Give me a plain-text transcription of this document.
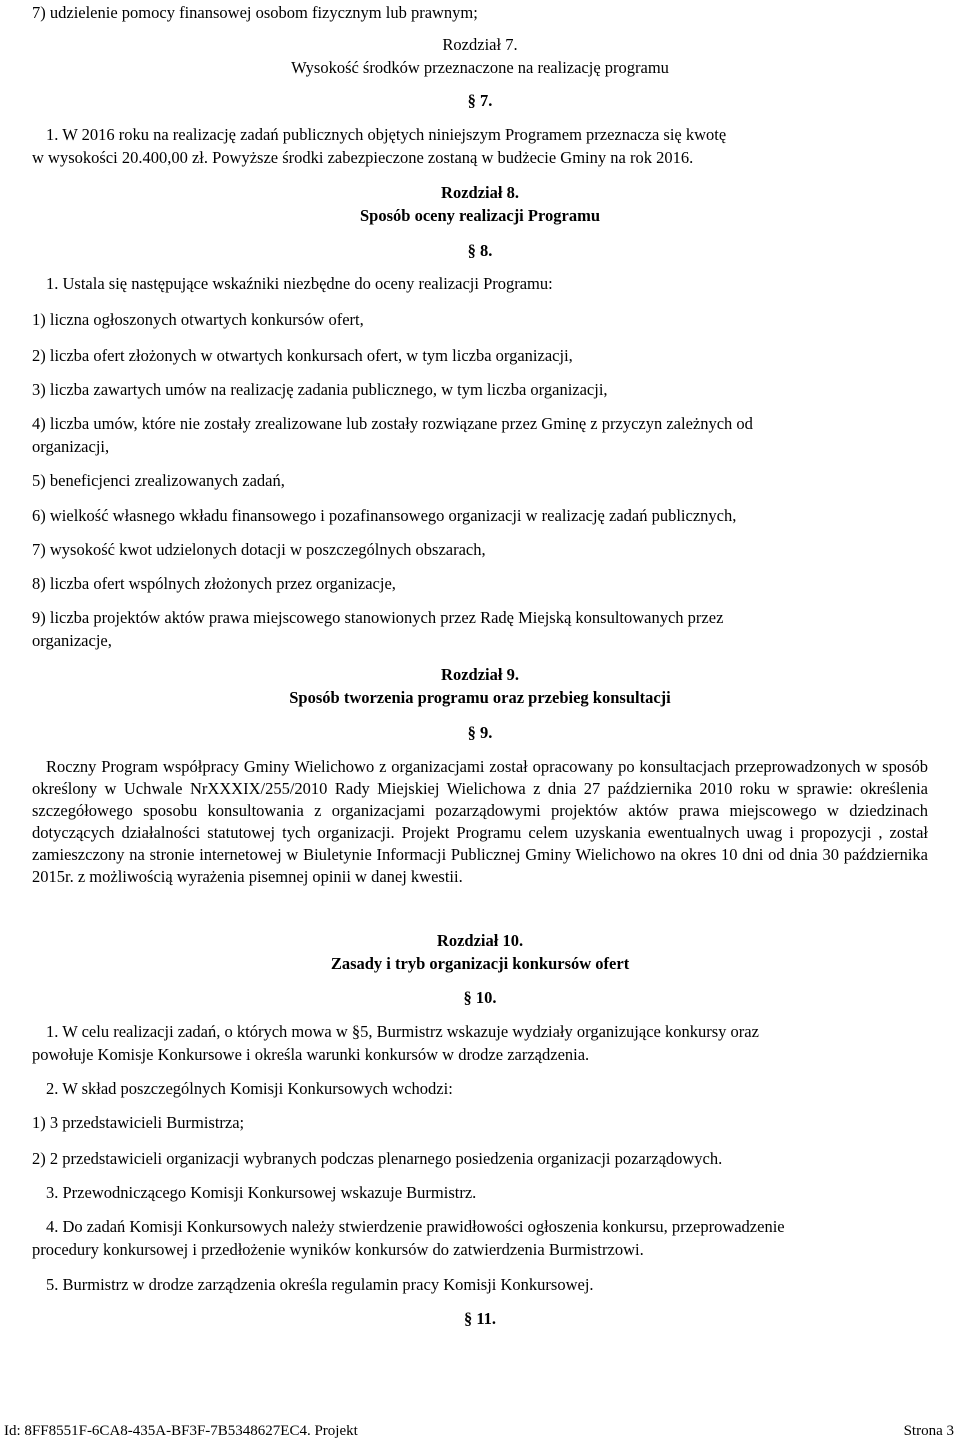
7) udzielenie pomocy finansowej osobom fizycznym lub prawnym;
Rozdział 7.
Wysokość środków przeznaczone na realizację programu
§ 7.
1. W 2016 roku na realizację zadań publicznych objętych niniejszym Programem przeznacza się kwotę
w wysokości 20.400,00 zł. Powyższe środki zabezpieczone zostaną w budżecie Gminy na rok 2016.
Rozdział 8.
Sposób oceny realizacji Programu
§ 8.
1. Ustala się następujące wskaźniki niezbędne do oceny realizacji Programu:
1) liczna ogłoszonych otwartych konkursów ofert,
2) liczba ofert złożonych w otwartych konkursach ofert, w tym liczba organizacji,
3) liczba zawartych umów na realizację zadania publicznego, w tym liczba organizacji,
4) liczba umów, które nie zostały zrealizowane lub zostały rozwiązane przez Gminę z przyczyn zależnych od
organizacji,
5) beneficjenci zrealizowanych zadań,
6) wielkość własnego wkładu finansowego i pozafinansowego organizacji w realizację zadań publicznych,
7) wysokość kwot udzielonych dotacji w poszczególnych obszarach,
8) liczba ofert wspólnych złożonych przez organizacje,
9) liczba projektów aktów prawa miejscowego stanowionych przez Radę Miejską konsultowanych przez
organizacje,
Rozdział 9.
Sposób tworzenia programu oraz przebieg konsultacji
§ 9.
Roczny Program współpracy Gminy Wielichowo z organizacjami został opracowany po konsultacjach przeprowadzonych w sposób określony w Uchwale NrXXXIX/255/2010 Rady Miejskiej Wielichowa z dnia 27 października 2010 roku w sprawie: określenia szczegółowego sposobu konsultowania z organizacjami pozarządowymi projektów aktów prawa miejscowego w dziedzinach dotyczących działalności statutowej tych organizacji. Projekt Programu celem uzyskania ewentualnych uwag i propozycji , został zamieszczony na stronie internetowej w Biuletynie Informacji Publicznej Gminy Wielichowo na okres 10 dni od dnia 30 października 2015r. z możliwością wyrażenia pisemnej opinii w danej kwestii.
Rozdział 10.
Zasady i tryb organizacji konkursów ofert
§ 10.
1. W celu realizacji zadań, o których mowa w §5, Burmistrz wskazuje wydziały organizujące konkursy oraz
powołuje Komisje Konkursowe i określa warunki konkursów w drodze zarządzenia.
2. W skład poszczególnych Komisji Konkursowych wchodzi:
1) 3 przedstawicieli Burmistrza;
2) 2 przedstawicieli organizacji wybranych podczas plenarnego posiedzenia organizacji pozarządowych.
3. Przewodniczącego Komisji Konkursowej wskazuje Burmistrz.
4. Do zadań Komisji Konkursowych należy stwierdzenie prawidłowości ogłoszenia konkursu, przeprowadzenie
procedury konkursowej i przedłożenie wyników konkursów do zatwierdzenia Burmistrzowi.
5. Burmistrz w drodze zarządzenia określa regulamin pracy Komisji Konkursowej.
§ 11.
Id: 8FF8551F-6CA8-435A-BF3F-7B5348627EC4. Projekt	Strona 3
